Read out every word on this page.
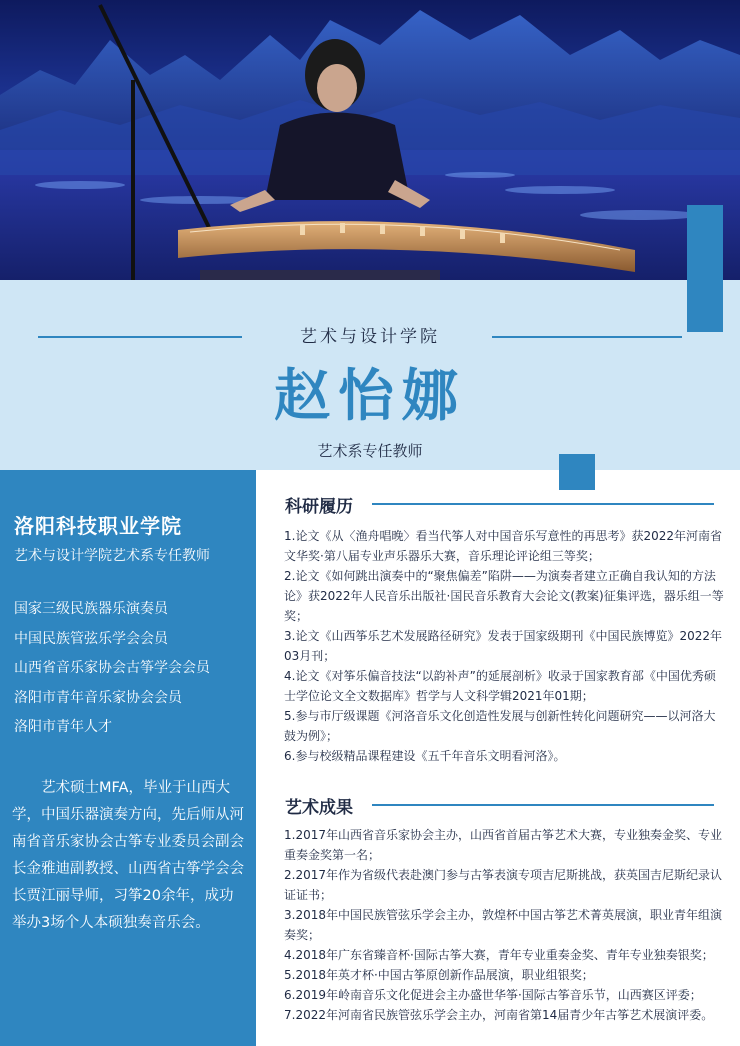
艺术与设计学院
赵怡娜
艺术系专任教师
洛阳科技职业学院
艺术与设计学院艺术系专任教师
国家三级民族器乐演奏员
中国民族管弦乐学会会员
山西省音乐家协会古筝学会会员
洛阳市青年音乐家协会会员
洛阳市青年人才
艺术硕士MFA，毕业于山西大学，中国乐器演奏方向，先后师从河南省音乐家协会古筝专业委员会副会长金雅迪副教授、山西省古筝学会会长贾江丽导师，习筝20余年，成功举办3场个人本硕独奏音乐会。
科研履历
1.论文《从〈渔舟唱晚〉看当代筝人对中国音乐写意性的再思考》获2022年河南省文华奖·第八届专业声乐器乐大赛，音乐理论评论组三等奖；
2.论文《如何跳出演奏中的“聚焦偏差”陷阱——为演奏者建立正确自我认知的方法论》获2022年人民音乐出版社·国民音乐教育大会论文(教案)征集评选，器乐组一等奖；
3.论文《山西筝乐艺术发展路径研究》发表于国家级期刊《中国民族博览》2022年03月刊；
4.论文《对筝乐偏音技法“以韵补声”的延展剖析》收录于国家教育部《中国优秀硕士学位论文全文数据库》哲学与人文科学辑2021年01期；
5.参与市厅级课题《河洛音乐文化创造性发展与创新性转化问题研究——以河洛大鼓为例》；
6.参与校级精品课程建设《五千年音乐文明看河洛》。
艺术成果
1.2017年山西省音乐家协会主办，山西省首届古筝艺术大赛，专业独奏金奖、专业重奏金奖第一名；
2.2017年作为省级代表赴澳门参与古筝表演专项吉尼斯挑战，获英国吉尼斯纪录认证证书；
3.2018年中国民族管弦乐学会主办，敦煌杯中国古筝艺术菁英展演，职业青年组演奏奖；
4.2018年广东省臻音杯·国际古筝大赛，青年专业重奏金奖、青年专业独奏银奖；
5.2018年英才杯·中国古筝原创新作品展演，职业组银奖；
6.2019年岭南音乐文化促进会主办盛世华筝·国际古筝音乐节，山西赛区评委；
7.2022年河南省民族管弦乐学会主办，河南省第14届青少年古筝艺术展演评委。
